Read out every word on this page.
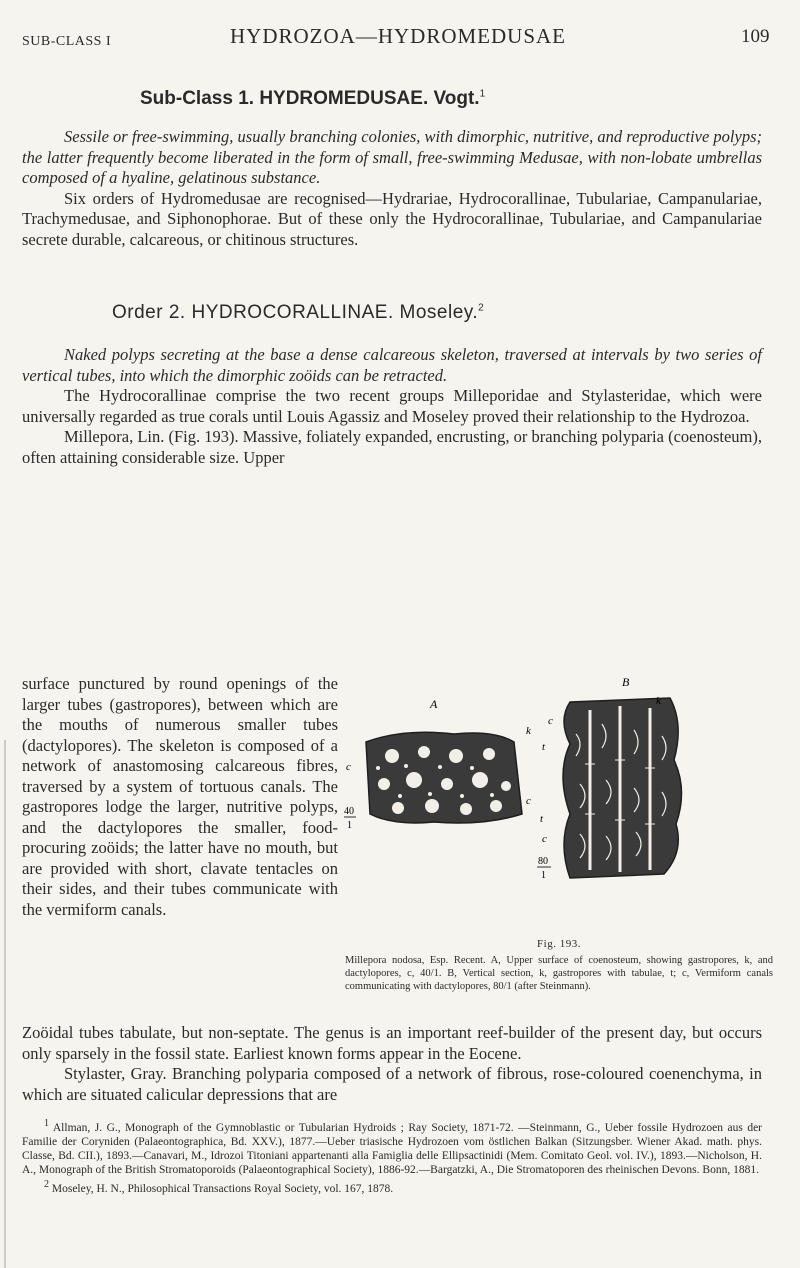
SUB-CLASS I	HYDROZOA—HYDROMEDUSAE	109
Sub-Class 1. HYDROMEDUSAE. Vogt.$^1$

Sessile or free-swimming, usually branching colonies, with dimorphic, nutritive, and reproductive polyps; the latter frequently become liberated in the form of small, free-swimming Medusae, with non-lobate umbrellas composed of a hyaline, gelatinous substance.

Six orders of Hydromedusae are recognised—Hydrariae, Hydrocorallinae, Tubulariae, Campanulariae, Trachymedusae, and Siphonophorae. But of these only the Hydrocorallinae, Tubulariae, and Campanulariae secrete durable, calcareous, or chitinous structures.

Order 2. HYDROCORALLINAE. Moseley.$^2$

Naked polyps secreting at the base a dense calcareous skeleton, traversed at intervals by two series of vertical tubes, into which the dimorphic zoöids can be retracted.

The Hydrocorallinae comprise the two recent groups Milleporidae and Stylasteridae, which were universally regarded as true corals until Louis Agassiz and Moseley proved their relationship to the Hydrozoa.

Millepora, Lin. (Fig. 193). Massive, foliately expanded, encrusting, or branching polyparia (coenosteum), often attaining considerable size. Upper

surface punctured by round openings of the larger tubes (gastropores), between which are the mouths of numerous smaller tubes (dactylopores). The skeleton is composed of a network of anastomosing calcareous fibres, traversed by a system of tortuous canals. The gastropores lodge the larger, nutritive polyps, and the dactylopores the smaller, food-procuring zoöids; the latter have no mouth, but are provided with short, clavate tentacles on their sides, and their tubes communicate with the vermiform canals.
A
k
c
c
40
1
B
k
c
t
t
c
80
1
Fig. 193.
Millepora nodosa, Esp. Recent. A, Upper surface of coenosteum, showing gastropores, k, and dactylopores, c, 40/1. B, Vertical section, k, gastropores with tabulae, t; c, Vermiform canals communicating with dactylopores, 80/1 (after Steinmann).

Zoöidal tubes tabulate, but non-septate. The genus is an important reef-builder of the present day, but occurs only sparsely in the fossil state. Earliest known forms appear in the Eocene.

Stylaster, Gray. Branching polyparia composed of a network of fibrous, rose-coloured coenenchyma, in which are situated calicular depressions that are

1 Allman, J. G., Monograph of the Gymnoblastic or Tubularian Hydroids ; Ray Society, 1871-72. —Steinmann, G., Ueber fossile Hydrozoen aus der Familie der Coryniden (Palaeontographica, Bd. XXV.), 1877.—Ueber triasische Hydrozoen vom östlichen Balkan (Sitzungsber. Wiener Akad. math. phys. Classe, Bd. CII.), 1893.—Canavari, M., Idrozoi Titoniani appartenanti alla Famiglia delle Ellipsactinidi (Mem. Comitato Geol. vol. IV.), 1893.—Nicholson, H. A., Monograph of the British Stromatoporoids (Palaeontographical Society), 1886-92.—Bargatzki, A., Die Stromatoporen des rheinischen Devons. Bonn, 1881.

2 Moseley, H. N., Philosophical Transactions Royal Society, vol. 167, 1878.
